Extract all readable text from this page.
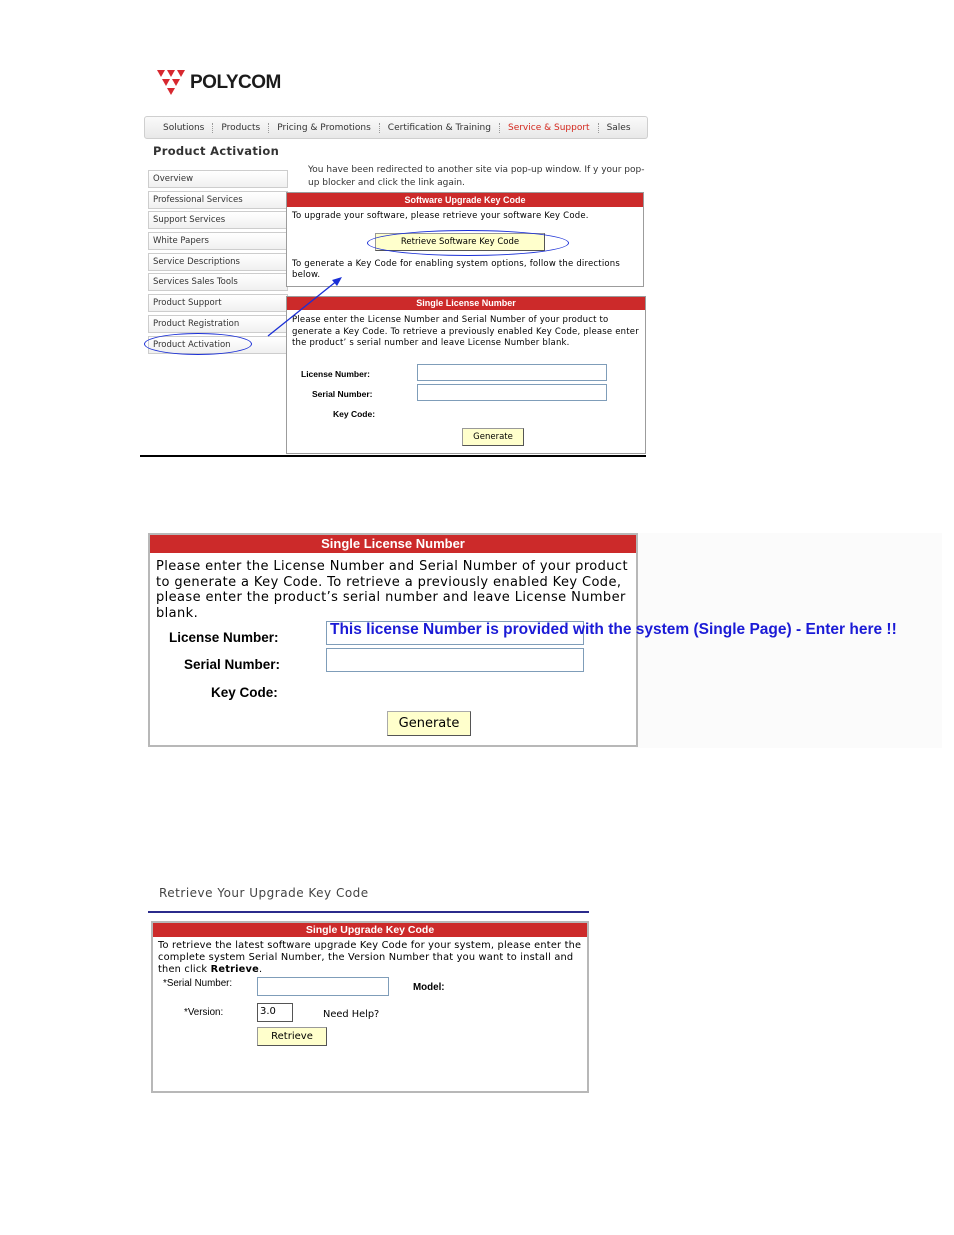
POLYCOM
Solutions	Products	Pricing & Promotions	Certification & Training	Service & Support	Sales
Product Activation
Overview
Professional Services
Support Services
White Papers
Service Descriptions
Services Sales Tools
Product Support
Product Registration
Product Activation
You have been redirected to another site via pop-up window. If y your pop-up blocker and click the link again.
Software Upgrade Key Code
To upgrade your software, please retrieve your software Key Code.
Retrieve Software Key Code
To generate a Key Code for enabling system options, follow the directions below.
Single License Number
Please enter the License Number and Serial Number of your product to generate a Key Code. To retrieve a previously enabled Key Code, please enter the product’ s serial number and leave License Number blank.
License Number:
Serial Number:
Key Code:
Generate
Single License Number
Please enter the License Number and Serial Number of your product to generate a Key Code. To retrieve a previously enabled Key Code, please enter the product’s serial number and leave License Number blank.
License Number:
Serial Number:
Key Code:
Generate
This license Number is provided with the system (Single Page) - Enter here !!
Retrieve Your Upgrade Key Code
Single Upgrade Key Code
To retrieve the latest software upgrade Key Code for your system, please enter the complete system Serial Number, the Version Number that you want to install and then click Retrieve.
*Serial Number:	Model:
*Version:	3.0	Need Help?
Retrieve
